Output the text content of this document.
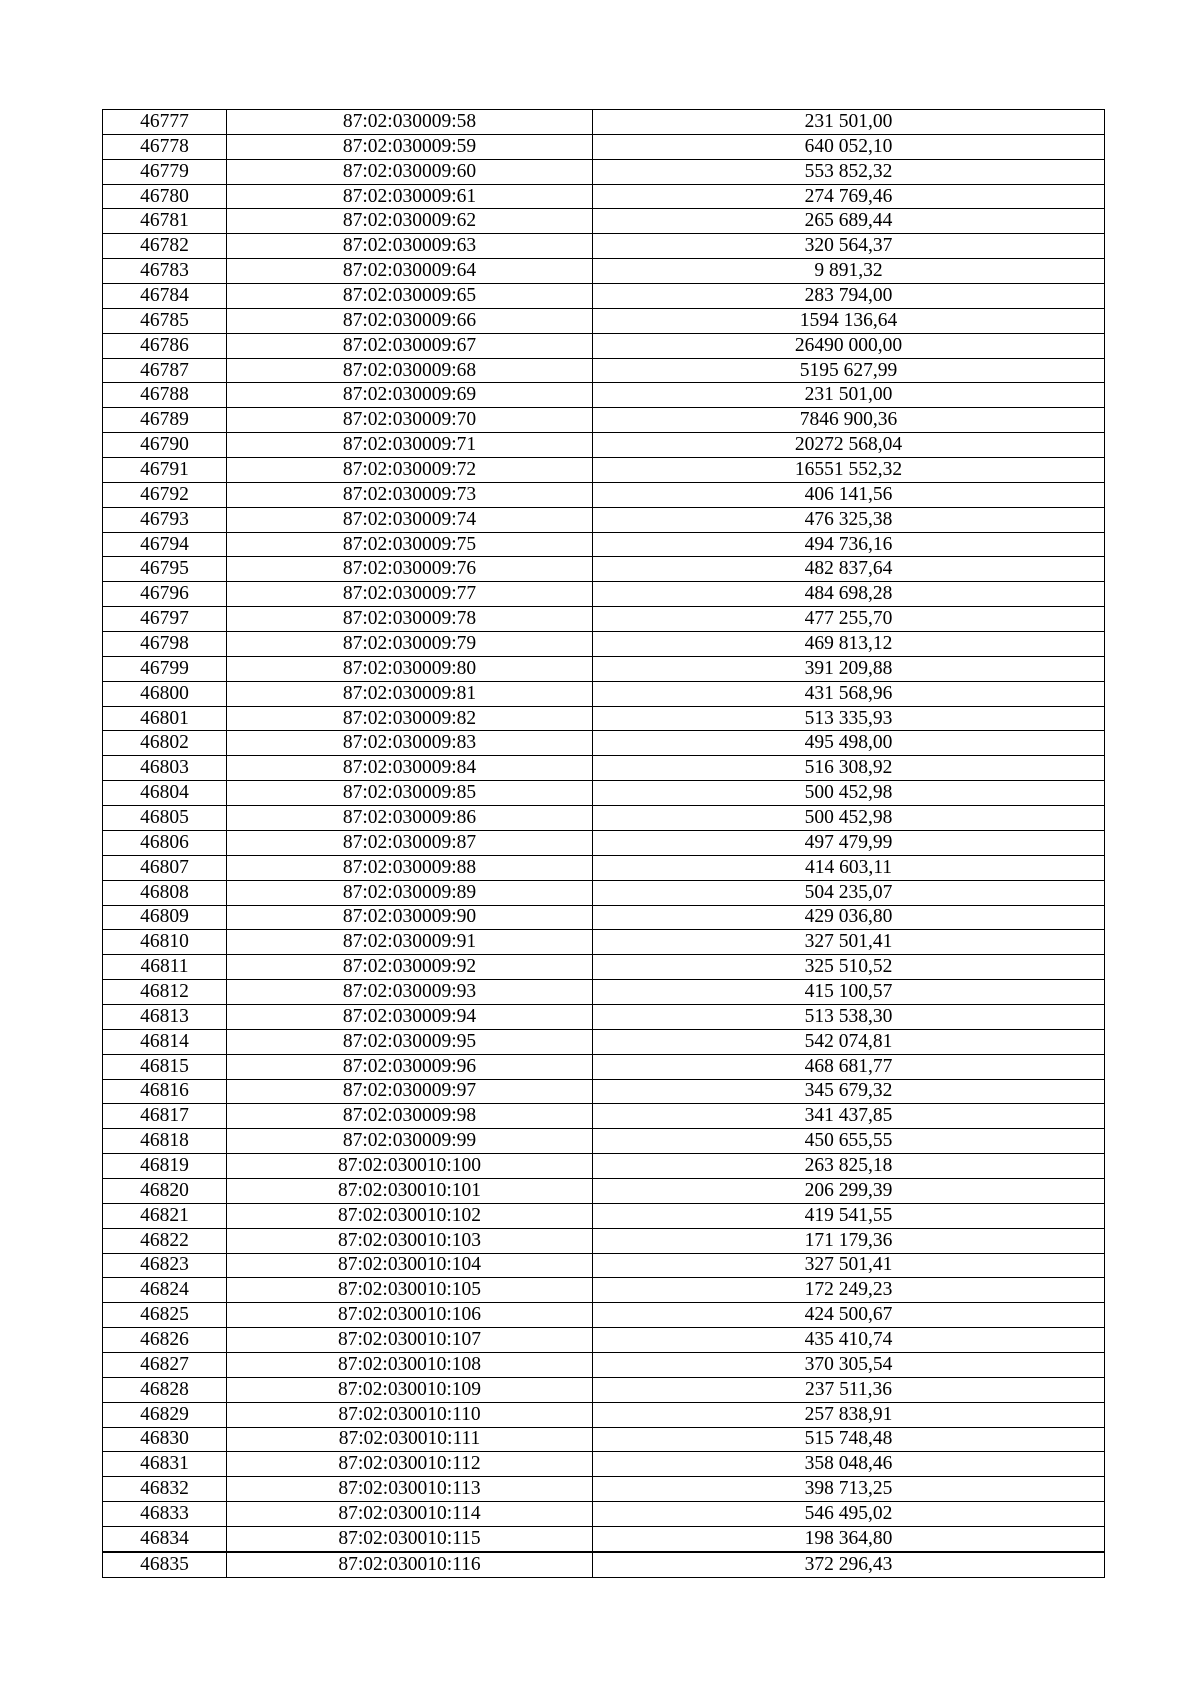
46777	87:02:030009:58	231 501,00
46778	87:02:030009:59	640 052,10
46779	87:02:030009:60	553 852,32
46780	87:02:030009:61	274 769,46
46781	87:02:030009:62	265 689,44
46782	87:02:030009:63	320 564,37
46783	87:02:030009:64	9 891,32
46784	87:02:030009:65	283 794,00
46785	87:02:030009:66	1594 136,64
46786	87:02:030009:67	26490 000,00
46787	87:02:030009:68	5195 627,99
46788	87:02:030009:69	231 501,00
46789	87:02:030009:70	7846 900,36
46790	87:02:030009:71	20272 568,04
46791	87:02:030009:72	16551 552,32
46792	87:02:030009:73	406 141,56
46793	87:02:030009:74	476 325,38
46794	87:02:030009:75	494 736,16
46795	87:02:030009:76	482 837,64
46796	87:02:030009:77	484 698,28
46797	87:02:030009:78	477 255,70
46798	87:02:030009:79	469 813,12
46799	87:02:030009:80	391 209,88
46800	87:02:030009:81	431 568,96
46801	87:02:030009:82	513 335,93
46802	87:02:030009:83	495 498,00
46803	87:02:030009:84	516 308,92
46804	87:02:030009:85	500 452,98
46805	87:02:030009:86	500 452,98
46806	87:02:030009:87	497 479,99
46807	87:02:030009:88	414 603,11
46808	87:02:030009:89	504 235,07
46809	87:02:030009:90	429 036,80
46810	87:02:030009:91	327 501,41
46811	87:02:030009:92	325 510,52
46812	87:02:030009:93	415 100,57
46813	87:02:030009:94	513 538,30
46814	87:02:030009:95	542 074,81
46815	87:02:030009:96	468 681,77
46816	87:02:030009:97	345 679,32
46817	87:02:030009:98	341 437,85
46818	87:02:030009:99	450 655,55
46819	87:02:030010:100	263 825,18
46820	87:02:030010:101	206 299,39
46821	87:02:030010:102	419 541,55
46822	87:02:030010:103	171 179,36
46823	87:02:030010:104	327 501,41
46824	87:02:030010:105	172 249,23
46825	87:02:030010:106	424 500,67
46826	87:02:030010:107	435 410,74
46827	87:02:030010:108	370 305,54
46828	87:02:030010:109	237 511,36
46829	87:02:030010:110	257 838,91
46830	87:02:030010:111	515 748,48
46831	87:02:030010:112	358 048,46
46832	87:02:030010:113	398 713,25
46833	87:02:030010:114	546 495,02
46834	87:02:030010:115	198 364,80
46835	87:02:030010:116	372 296,43
